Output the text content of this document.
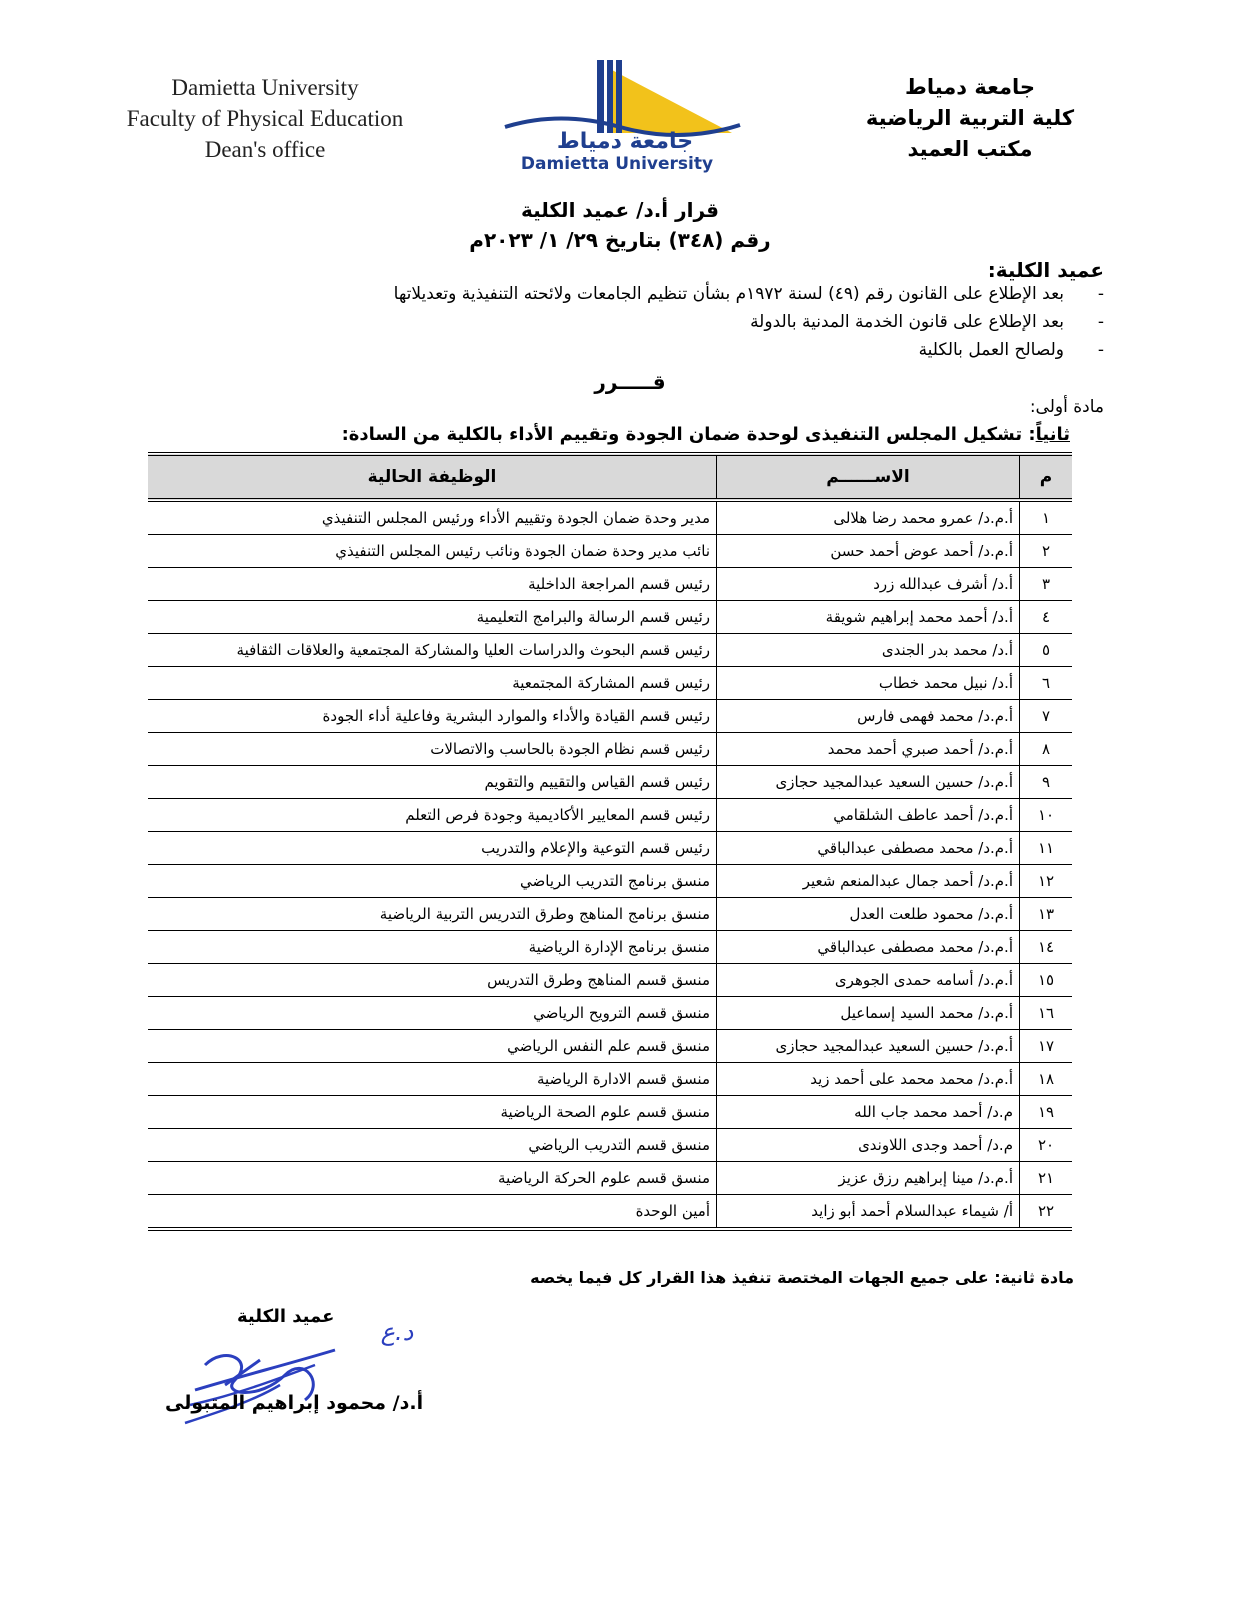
Damietta University
Faculty of Physical Education
Dean's office	جامعة دمياط
Damietta University
جامعة دمياط
كلية التربية الرياضية
مكتب العميد
قرار أ.د/ عميد الكلية
رقم (٣٤٨) بتاريخ ٢٩/ ١/ ٢٠٢٣م
عميد الكلية:
-بعد الإطلاع على القانون رقم (٤٩) لسنة ١٩٧٢م بشأن تنظيم الجامعات ولائحته التنفيذية وتعديلاتها
-بعد الإطلاع على قانون الخدمة المدنية بالدولة
-ولصالح العمل بالكلية
قـــــرر
مادة أولى:
ثانياً: تشكيل المجلس التنفيذى لوحدة ضمان الجودة وتقييم الأداء بالكلية من السادة:
م	الاســــــم	الوظيفة الحالية
١	أ.م.د/ عمرو محمد رضا هلالى	مدير وحدة ضمان الجودة وتقييم الأداء ورئيس المجلس التنفيذي
٢	أ.م.د/ أحمد عوض أحمد حسن	نائب مدير وحدة ضمان الجودة ونائب رئيس المجلس التنفيذي
٣	أ.د/ أشرف عبدالله زرد	رئيس قسم المراجعة الداخلية
٤	أ.د/ أحمد محمد إبراهيم شويقة	رئيس قسم الرسالة والبرامج التعليمية
٥	أ.د/ محمد بدر الجندى	رئيس قسم البحوث والدراسات العليا والمشاركة المجتمعية والعلاقات الثقافية
٦	أ.د/ نبيل محمد خطاب	رئيس قسم المشاركة المجتمعية
٧	أ.م.د/ محمد فهمى فارس	رئيس قسم القيادة والأداء والموارد البشرية وفاعلية أداء الجودة
٨	أ.م.د/ أحمد صبري أحمد محمد	رئيس قسم نظام الجودة بالحاسب والاتصالات
٩	أ.م.د/ حسين السعيد عبدالمجيد حجازى	رئيس قسم القياس والتقييم والتقويم
١٠	أ.م.د/ أحمد عاطف الشلقامي	رئيس قسم المعايير الأكاديمية وجودة فرص التعلم
١١	أ.م.د/ محمد مصطفى عبدالباقي	رئيس قسم التوعية والإعلام والتدريب
١٢	أ.م.د/ أحمد جمال عبدالمنعم شعير	منسق برنامج التدريب الرياضي
١٣	أ.م.د/ محمود طلعت العدل	منسق برنامج المناهج وطرق التدريس التربية الرياضية
١٤	أ.م.د/ محمد مصطفى عبدالباقي	منسق برنامج الإدارة الرياضية
١٥	أ.م.د/ أسامه حمدى الجوهرى	منسق قسم المناهج وطرق التدريس
١٦	أ.م.د/ محمد السيد إسماعيل	منسق قسم الترويح الرياضي
١٧	أ.م.د/ حسين السعيد عبدالمجيد حجازى	منسق قسم علم النفس الرياضي
١٨	أ.م.د/ محمد محمد على أحمد زيد	منسق قسم الادارة الرياضية
١٩	م.د/ أحمد محمد جاب الله	منسق قسم علوم الصحة الرياضية
٢٠	م.د/ أحمد وجدى اللاوندى	منسق قسم التدريب الرياضي
٢١	أ.م.د/ مينا إبراهيم رزق عزيز	منسق قسم علوم الحركة الرياضية
٢٢	أ/ شيماء عبدالسلام أحمد أبو زايد	أمين الوحدة
مادة ثانية: على جميع الجهات المختصة تنفيذ هذا القرار كل فيما يخصه
د.ع
عميد الكلية
أ.د/ محمود إبراهيم المتبولى
